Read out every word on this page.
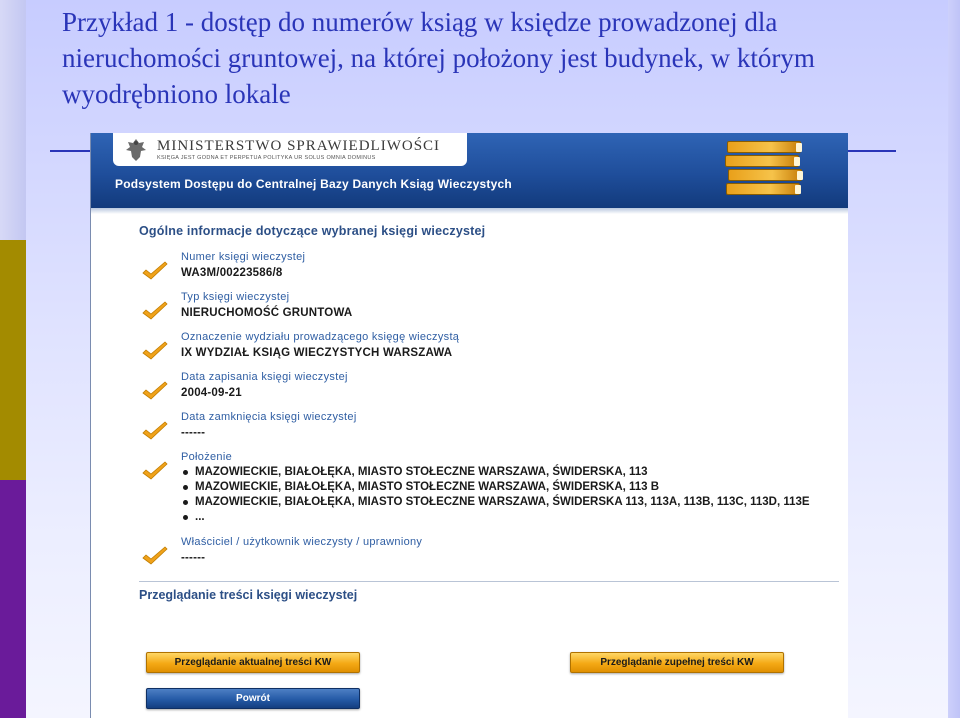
Przykład 1 - dostęp do numerów ksiąg w księdze prowadzonej dla nieruchomości gruntowej, na której położony jest budynek, w którym wyodrębniono lokale
MINISTERSTWO SPRAWIEDLIWOŚCI
KSIĘGA JEST GODNA ET PERPETUA POLITYKA UR SOLUS OMNIA DOMINUS
Podsystem Dostępu do Centralnej Bazy Danych Ksiąg Wieczystych
Ogólne informacje dotyczące wybranej księgi wieczystej
Numer księgi wieczystej
WA3M/00223586/8
Typ księgi wieczystej
NIERUCHOMOŚĆ GRUNTOWA
Oznaczenie wydziału prowadzącego księgę wieczystą
IX WYDZIAŁ KSIĄG WIECZYSTYCH WARSZAWA
Data zapisania księgi wieczystej
2004-09-21
Data zamknięcia księgi wieczystej
------
Położenie
MAZOWIECKIE, BIAŁOŁĘKA, MIASTO STOŁECZNE WARSZAWA, ŚWIDERSKA, 113
MAZOWIECKIE, BIAŁOŁĘKA, MIASTO STOŁECZNE WARSZAWA, ŚWIDERSKA, 113 B
MAZOWIECKIE, BIAŁOŁĘKA, MIASTO STOŁECZNE WARSZAWA, ŚWIDERSKA 113, 113A, 113B, 113C, 113D, 113E
...
Właściciel / użytkownik wieczysty / uprawniony
------
Przeglądanie treści księgi wieczystej
Przeglądanie aktualnej treści KW	Przeglądanie zupełnej treści KW
Powrót
